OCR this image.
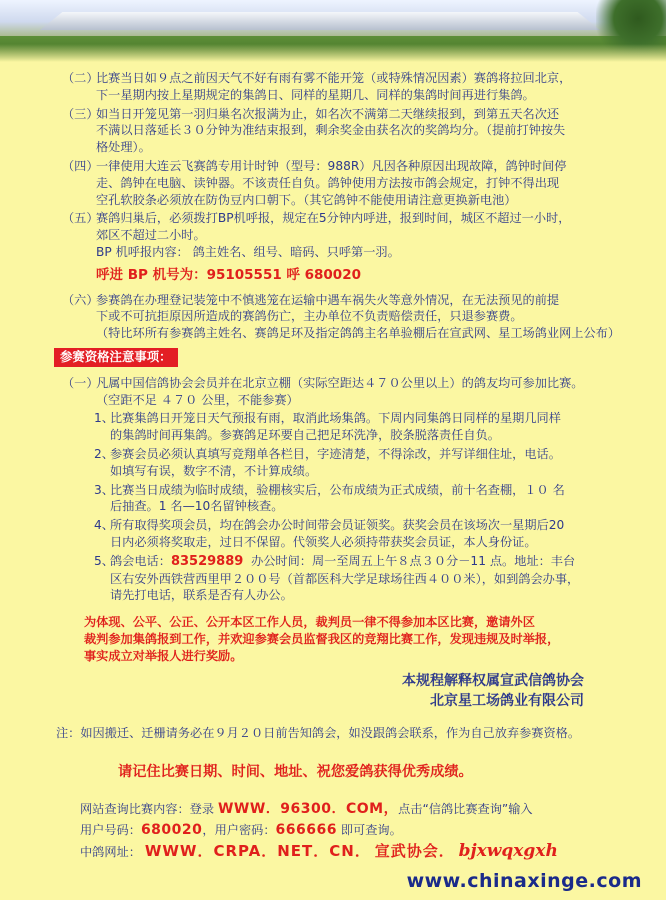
（二）
比赛当日如９点之前因天气不好有雨有雾不能开笼（或特殊情况因素）赛鸽将拉回北京，
下一星期内按上星期规定的集鸽日、同样的星期几、同样的集鸽时间再进行集鸽。
（三）
如当日开笼见第一羽归巢名次报满为止，如名次不满第二天继续报到，到第五天名次还
不满以日落延长３０分钟为准结束报到，剩余奖金由获名次的奖鸽均分。（提前打钟按失
格处理）。
（四）
一律使用大连云飞赛鸽专用计时钟（型号：988R）凡因各种原因出现故障，鸽钟时间停
走、鸽钟在电脑、读钟器。不该责任自负。鸽钟使用方法按市鸽会规定，打钟不得出现
空孔软胶条必须放在防伪豆内口朝下。（其它鸽钟不能使用请注意更换新电池）
（五）
赛鸽归巢后，必须拨打BP机呼报，规定在5分钟内呼进，报到时间，城区不超过一小时，
郊区不超过二小时。
BP 机呼报内容： 鸽主姓名、组号、暗码、只呼第一羽。
呼进 BP 机号为：95105551 呼 680020
（六）
参赛鸽在办理登记装笼中不慎逃笼在运输中遇车祸失火等意外情况，在无法预见的前提
下或不可抗拒原因所造成的赛鸽伤亡，主办单位不负责赔偿责任，只退参赛费。
（特比环所有参赛鸽主姓名、赛鸽足环及指定鸽鸽主名单验棚后在宣武网、星工场鸽业网上公布）
参赛资格注意事项：
（一）
凡属中国信鸽协会会员并在北京立棚（实际空距达４７０公里以上）的鸽友均可参加比赛。
（空距不足 ４７０ 公里，不能参赛）
1、
比赛集鸽日开笼日天气预报有雨，取消此场集鸽。下周内同集鸽日同样的星期几同样
的集鸽时间再集鸽。参赛鸽足环要自己把足环洗净，胶条脱落责任自负。
2、
参赛会员必须认真填写竞翔单各栏目，字迹清楚，不得涂改，并写详细住址，电话。
如填写有误，数字不清，不计算成绩。
3、
比赛当日成绩为临时成绩，验棚核实后，公布成绩为正式成绩，前十名查棚，１０ 名
后抽查。1 名—10名留钟核查。
4、
所有取得奖项会员，均在鸽会办公时间带会员证领奖。获奖会员在该场次一星期后20
日内必须将奖取走，过日不保留。代领奖人必须持带获奖会员证，本人身份证。
5、
鸽会电话：83529889 办公时间：周一至周五上午８点３０分－11 点。地址：丰台
区右安外西铁营西里甲２００号（首都医科大学足球场往西４００米），如到鸽会办事，
请先打电话，联系是否有人办公。
为体现、公平、公正、公开本区工作人员，裁判员一律不得参加本区比赛，邀请外区
裁判参加集鸽报到工作，并欢迎参赛会员监督我区的竞翔比赛工作，发现违规及时举报，
事实成立对举报人进行奖励。
本规程解释权属宣武信鸽协会
北京星工场鸽业有限公司
注：如因搬迁、迁栅请务必在９月２０日前告知鸽会，如没跟鸽会联系，作为自己放弃参赛资格。
请记住比赛日期、时间、地址、祝您爱鸽获得优秀成绩。
网站查询比赛内容：登录 WWW．96300．COM，点击“信鸽比赛查询”输入
用户号码：680020，用户密码：666666 即可查询。
中鸽网址： WWW．CRPA．NET．CN． 宣武协会． bjxwqxgxh
www.chinaxinge.com
